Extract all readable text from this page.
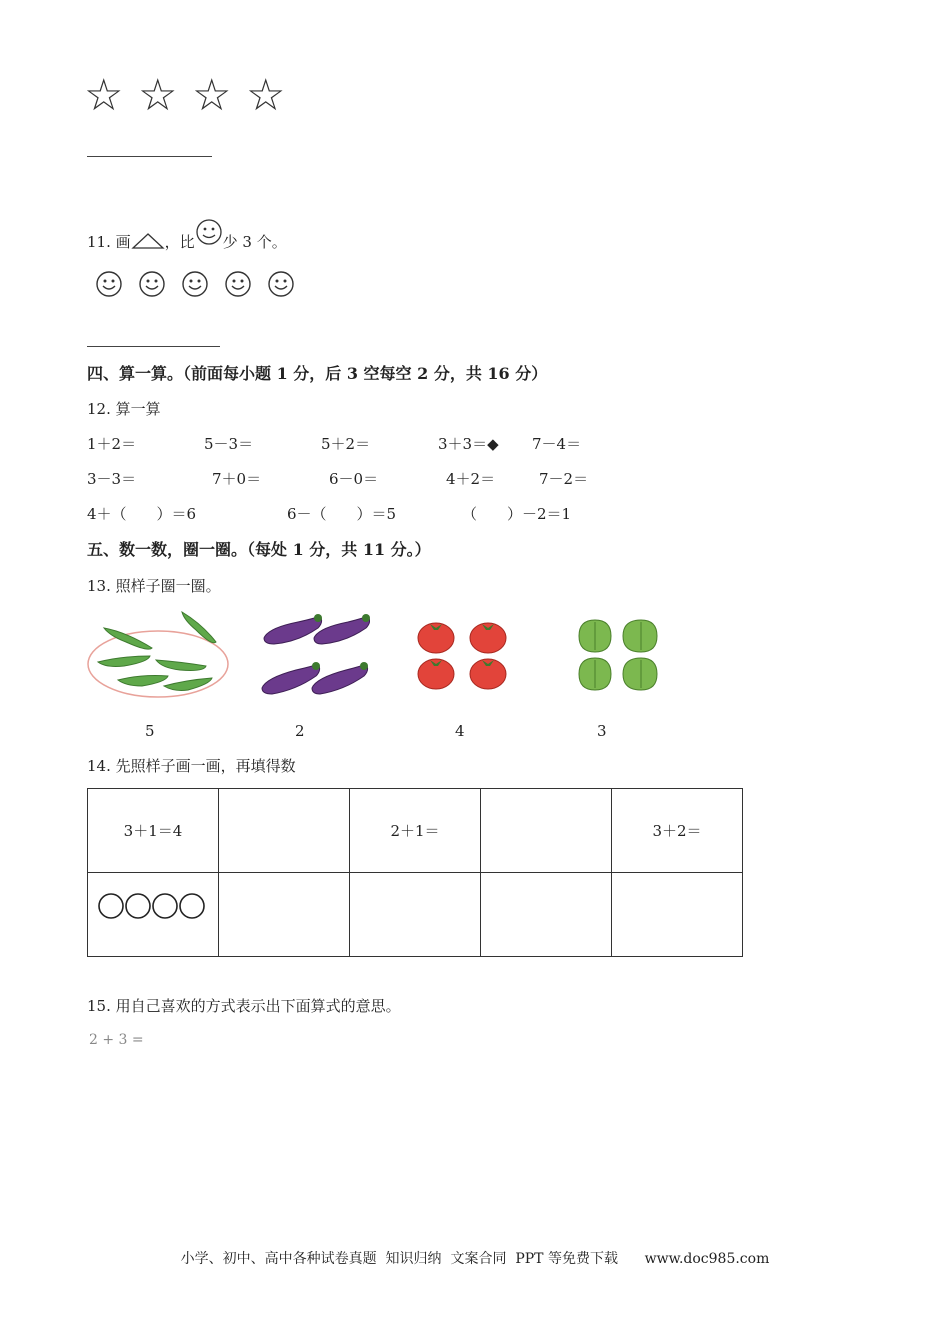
☆ ☆ ☆ ☆
11. 画 ，比 少 3 个。
四、算一算。（前面每小题 1 分，后 3 空每空 2 分，共 16 分）
12. 算一算
1＋2＝	5－3＝	5＋2＝	3＋3＝◆ 7－4＝
3－3＝	7＋0＝	6－0＝	4＋2＝	7－2＝
4＋（　　）＝6	6－（　　）＝5	（　　）－2＝1
五、数一数，圈一圈。（每处 1 分，共 11 分。）
13. 照样子圈一圈。
5	2	4	3
14. 先照样子画一画，再填得数
3＋1＝4		2＋1＝		3＋2＝

15. 用自己喜欢的方式表示出下面算式的意思。
2 + 3 =
小学、初中、高中各种试卷真题  知识归纳  文案合同  PPT 等免费下载      www.doc985.com
